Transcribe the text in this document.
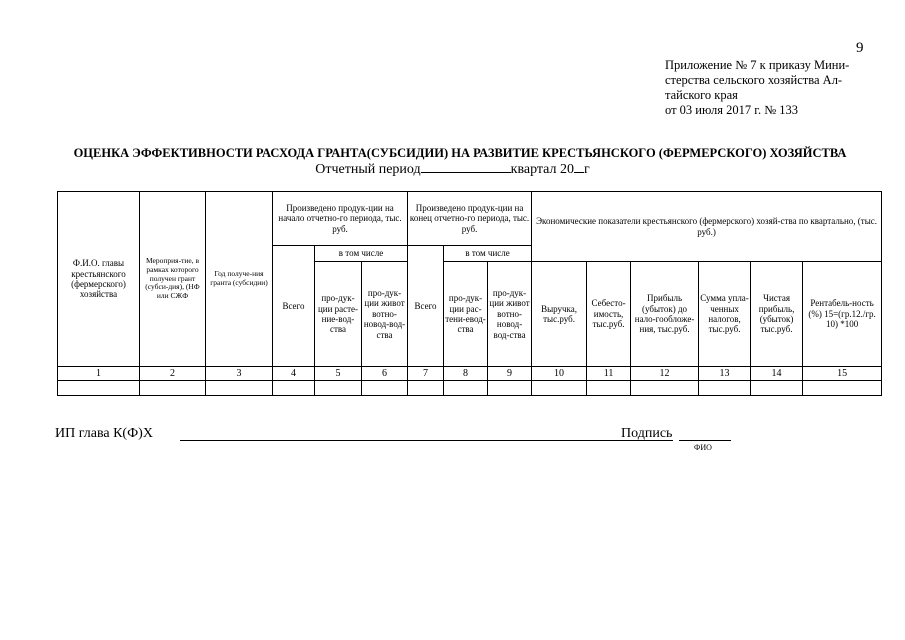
9
Приложение № 7 к приказу Мини-
стерства сельского хозяйства Ал-
тайского края
от 03 июля 2017 г. № 133
ОЦЕНКА ЭФФЕКТИВНОСТИ РАСХОДА ГРАНТА(СУБСИДИИ) НА РАЗВИТИЕ КРЕСТЬЯНСКОГО (ФЕРМЕРСКОГО) ХОЗЯЙСТВА
Отчетный период	квартал 20 г
Ф.И.О. главы крестьянского (фермерского) хозяйства	Мероприя-тие, в рамках которого получен грант (субси-дия), (НФ или СЖФ	Год получе-ния гранта (субсидии)	Произведено продук-ции на начало отчетно-го периода, тыс. руб.			Произведено продук-ции на конец отчетно-го периода, тыс. руб.			Экономические показатели крестьянского (фермерского) хозяй-ства по квартально, (тыс. руб.)					
			Всего	в том числе		Всего	в том числе							
				про-дук-ции расте-ние-вод-ства	про-дук-ции живот вотно-новод-вод-ства		про-дук-ции рас-тени-евод-ства	про-дук-ции живот вотно-новод-вод-ства	Выручка, тыс.руб.	Себесто-имость, тыс.руб.	Прибыль (убыток) до нало-гообложе-ния, тыс.руб.	Сумма упла-ченных налогов, тыс.руб.	Чистая прибыль, (убыток) тыс.руб.	Рентабель-ность (%) 15=(гр.12./гр. 10) *100
1	2	3	4	5	6	7	8	9	10	11	12	13	14	15

ИП глава К(Ф)Х	Подпись
ФИО
